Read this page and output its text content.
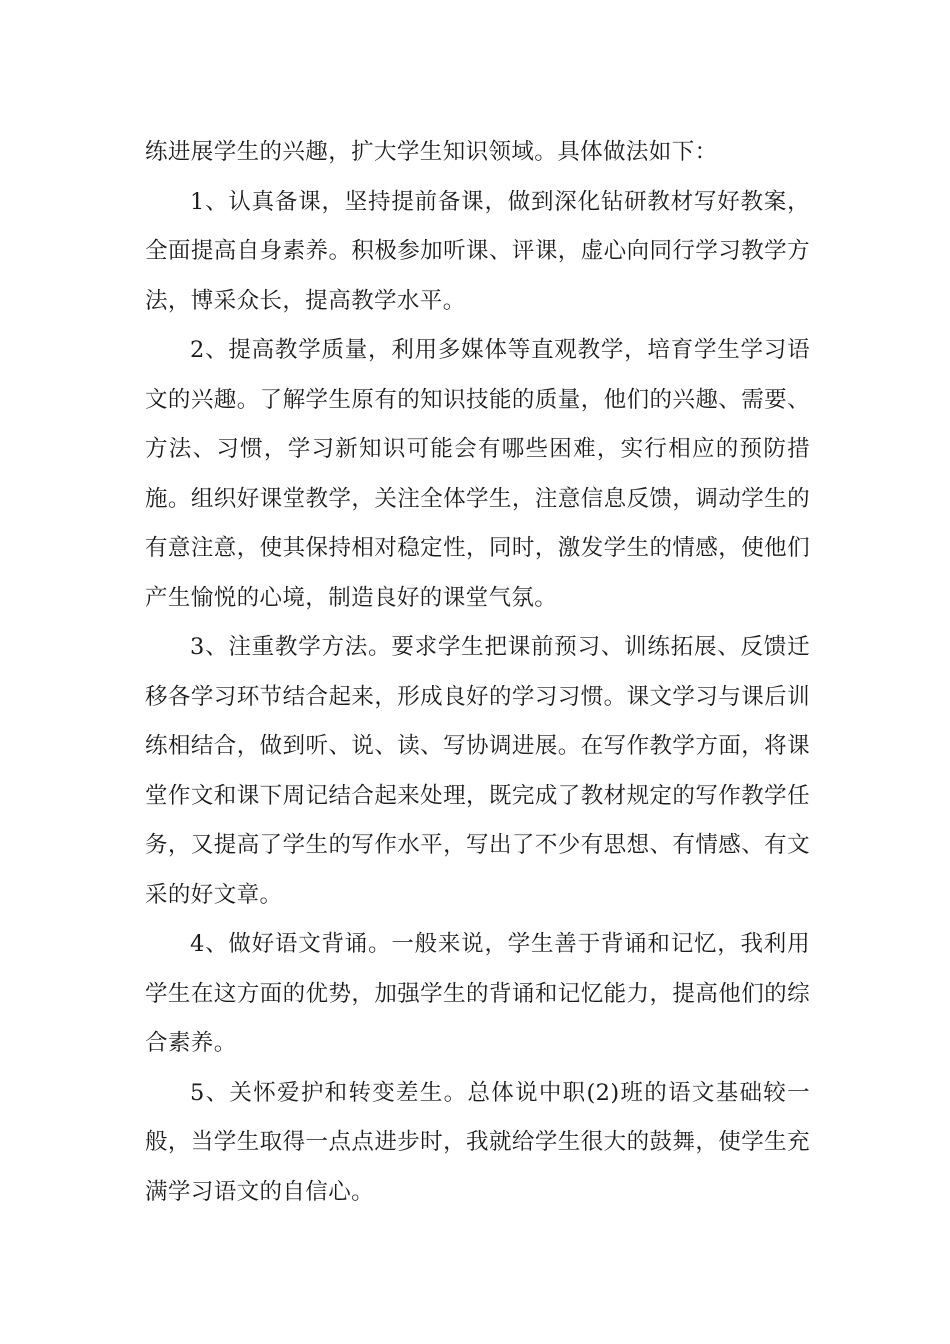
练进展学生的兴趣，扩大学生知识领域。具体做法如下：

1、认真备课，坚持提前备课，做到深化钻研教材写好教案，全面提高自身素养。积极参加听课、评课，虚心向同行学习教学方法，博采众长，提高教学水平。

2、提高教学质量，利用多媒体等直观教学，培育学生学习语文的兴趣。了解学生原有的知识技能的质量，他们的兴趣、需要、方法、习惯，学习新知识可能会有哪些困难，实行相应的预防措施。组织好课堂教学，关注全体学生，注意信息反馈，调动学生的有意注意，使其保持相对稳定性，同时，激发学生的情感，使他们产生愉悦的心境，制造良好的课堂气氛。

3、注重教学方法。要求学生把课前预习、训练拓展、反馈迁移各学习环节结合起来，形成良好的学习习惯。课文学习与课后训练相结合，做到听、说、读、写协调进展。在写作教学方面，将课堂作文和课下周记结合起来处理，既完成了教材规定的写作教学任务，又提高了学生的写作水平，写出了不少有思想、有情感、有文采的好文章。

4、做好语文背诵。一般来说，学生善于背诵和记忆，我利用学生在这方面的优势，加强学生的背诵和记忆能力，提高他们的综合素养。

5、关怀爱护和转变差生。总体说中职(2)班的语文基础较一般，当学生取得一点点进步时，我就给学生很大的鼓舞，使学生充满学习语文的自信心。
